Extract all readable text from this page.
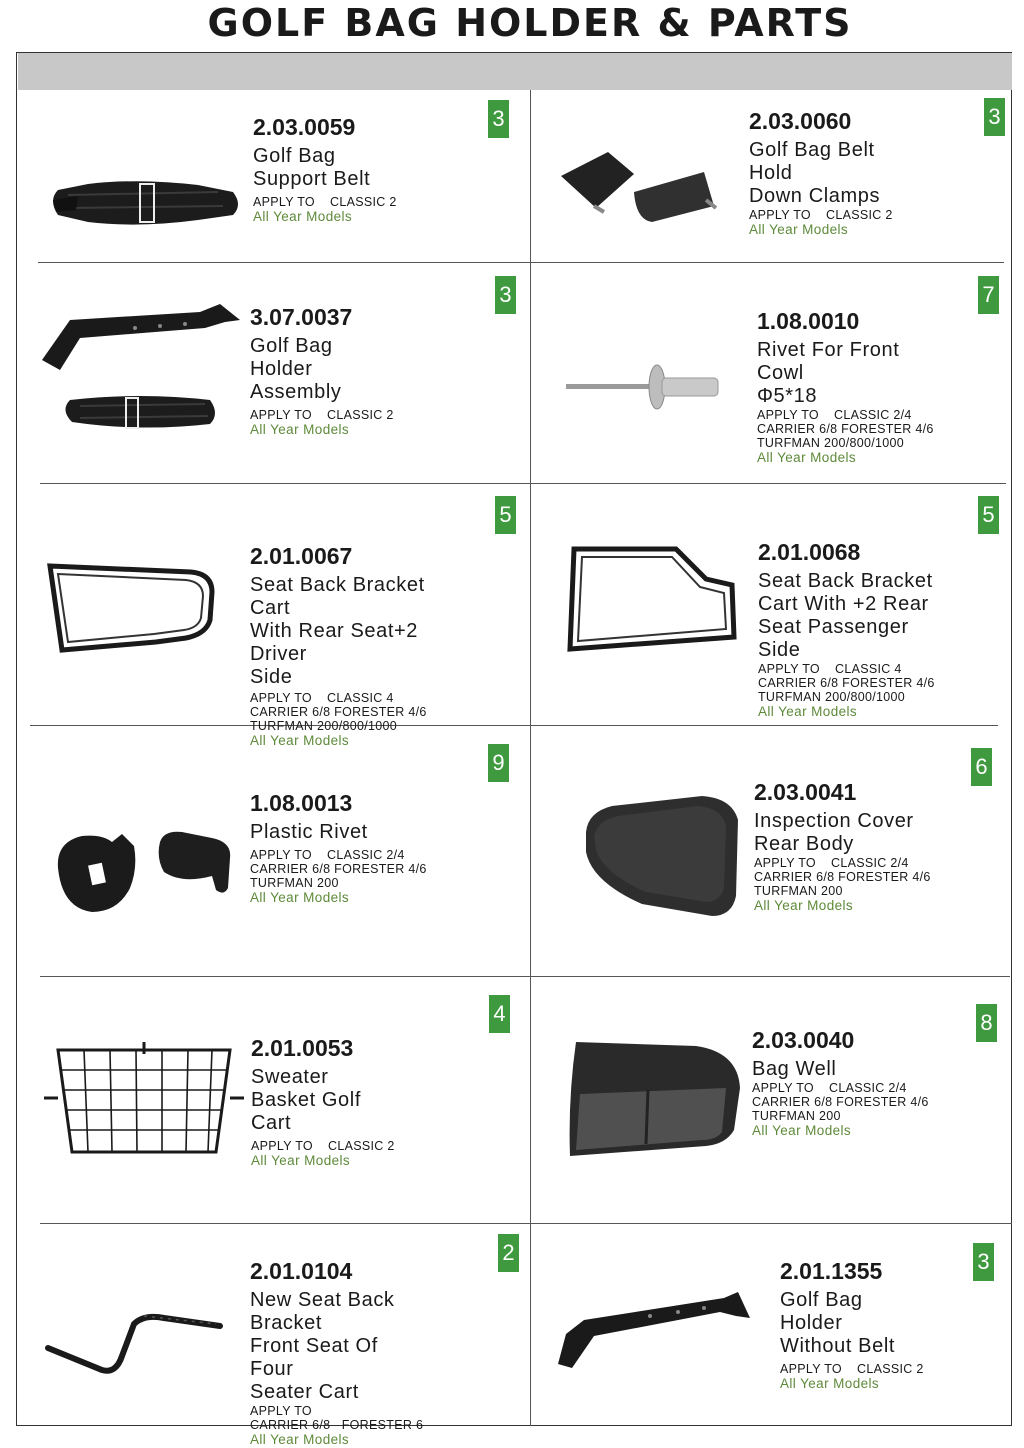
GOLF BAG HOLDER & PARTS
2.03.0059
Golf Bag Support Belt
APPLY TO    CLASSIC 2
All Year Models
3	2.03.0060
Golf Bag Belt Hold
Down Clamps
APPLY TO    CLASSIC 2
All Year Models
3
3.07.0037
Golf Bag Holder
Assembly
APPLY TO    CLASSIC 2
All Year Models
3
1.08.0010
Rivet For Front Cowl
Φ5*18
APPLY TO    CLASSIC 2/4
CARRIER 6/8 FORESTER 4/6
TURFMAN 200/800/1000
All Year Models
7
2.01.0067
Seat Back Bracket Cart
With Rear Seat+2 Driver
Side
APPLY TO    CLASSIC 4
CARRIER 6/8 FORESTER 4/6
TURFMAN 200/800/1000
All Year Models
5
2.01.0068
Seat Back Bracket
Cart With +2 Rear
Seat Passenger Side
APPLY TO    CLASSIC 4
CARRIER 6/8 FORESTER 4/6
TURFMAN 200/800/1000
All Year Models
5
1.08.0013
Plastic Rivet
APPLY TO    CLASSIC 2/4
CARRIER 6/8 FORESTER 4/6
TURFMAN 200
All Year Models
9
2.03.0041
Inspection Cover
Rear Body
APPLY TO    CLASSIC 2/4
CARRIER 6/8 FORESTER 4/6
TURFMAN 200
All Year Models
6
2.01.0053
Sweater Basket Golf
Cart
APPLY TO    CLASSIC 2
All Year Models
4
2.03.0040
Bag Well
APPLY TO    CLASSIC 2/4
CARRIER 6/8 FORESTER 4/6
TURFMAN 200
All Year Models
8
2.01.0104
New Seat Back Bracket
Front Seat Of Four
Seater Cart
APPLY TO
CARRIER 6/8   FORESTER 6
All Year Models
2
2.01.1355
Golf Bag Holder
Without Belt
APPLY TO    CLASSIC 2
All Year Models
3
